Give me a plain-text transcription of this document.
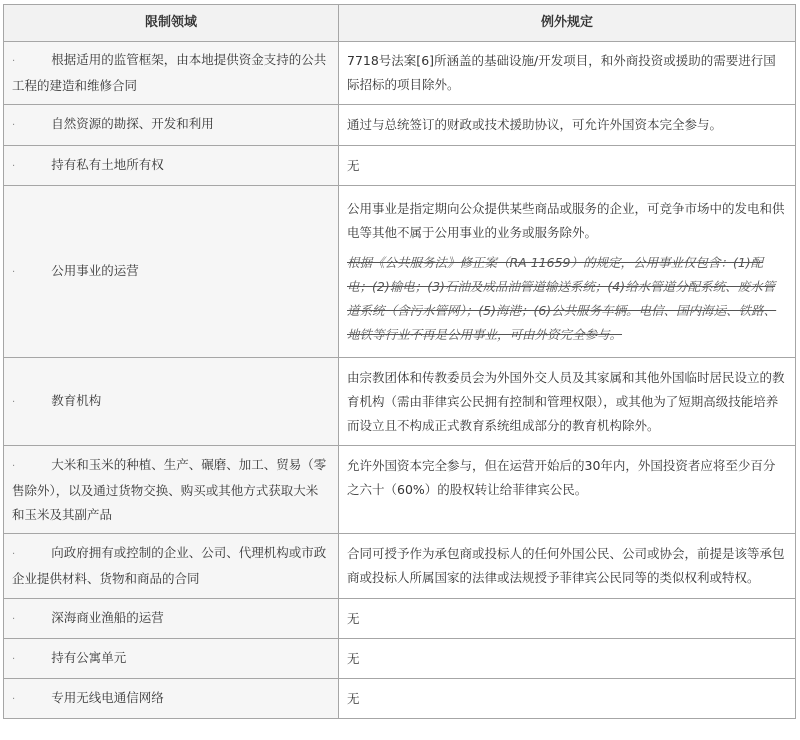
限制领域	例外规定
· 根据适用的监管框架，由本地提供资金支持的公共工程的建造和维修合同	7718号法案[6]所涵盖的基础设施/开发项目，和外商投资或援助的需要进行国际招标的项目除外。

· 自然资源的勘探、开发和利用	通过与总统签订的财政或技术援助协议，可允许外国资本完全参与。

· 持有私有土地所有权	无

· 公用事业的运营	公用事业是指定期向公众提供某些商品或服务的企业，可竞争市场中的发电和供电等其他不属于公用事业的业务或服务除外。

根据《公共服务法》修正案（RA 11659）的规定，公用事业仅包含：(1)配电；(2)输电；(3)石油及成品油管道输送系统；(4)给水管道分配系统、废水管道系统（含污水管网）；(5)海港；(6)公共服务车辆。电信、国内海运、铁路、地铁等行业不再是公用事业，可由外资完全参与。

· 教育机构	由宗教团体和传教委员会为外国外交人员及其家属和其他外国临时居民设立的教育机构（需由菲律宾公民拥有控制和管理权限），或其他为了短期高级技能培养而设立且不构成正式教育系统组成部分的教育机构除外。

· 大米和玉米的种植、生产、碾磨、加工、贸易（零售除外），以及通过货物交换、购买或其他方式获取大米和玉米及其副产品	允许外国资本完全参与，但在运营开始后的30年内，外国投资者应将至少百分之六十（60%）的股权转让给菲律宾公民。

· 向政府拥有或控制的企业、公司、代理机构或市政企业提供材料、货物和商品的合同	合同可授予作为承包商或投标人的任何外国公民、公司或协会，前提是该等承包商或投标人所属国家的法律或法规授予菲律宾公民同等的类似权利或特权。

· 深海商业渔船的运营	无

· 持有公寓单元	无

· 专用无线电通信网络	无
